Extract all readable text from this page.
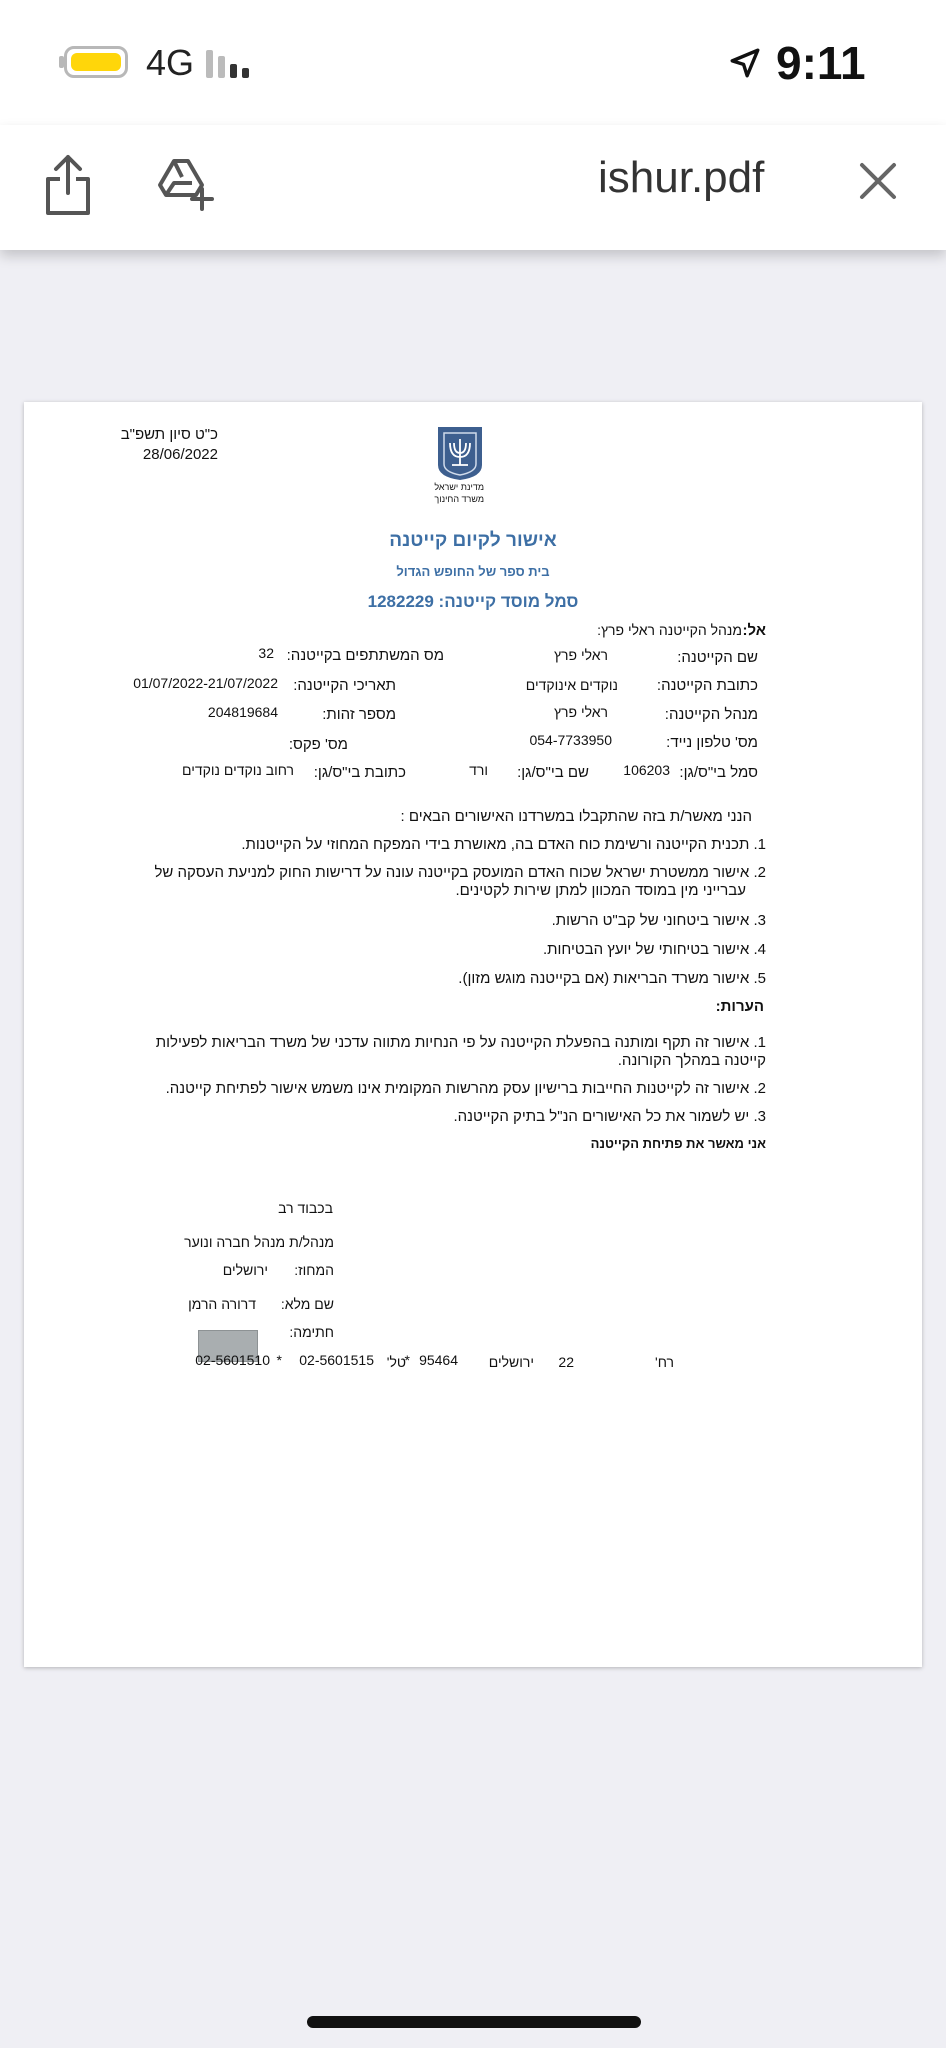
4G	9:11
ishur.pdf
כ"ט סיון תשפ"ב
28/06/2022
מדינת ישראל
משרד החינוך
אישור לקיום קייטנה
בית ספר של החופש הגדול
סמל מוסד קייטנה: 1282229
אל:
מנהל הקייטנה ראלי פרץ:
שם הקייטנה:
ראלי פרץ
מס המשתתפים בקייטנה:
32
כתובת הקייטנה:
נוקדים אינוקדים
תאריכי הקייטנה:
01/07/2022-21/07/2022
מנהל הקייטנה:
ראלי פרץ
מספר זהות:
204819684
מס' טלפון נייד:
054-7733950
מס' פקס:
סמל בי"ס/גן:
106203
שם בי"ס/גן:
ורד
כתובת בי"ס/גן:
רחוב נוקדים נוקדים
הנני מאשר/ת בזה שהתקבלו במשרדנו האישורים הבאים :
1. תכנית הקייטנה ורשימת כוח האדם בה, מאושרת בידי המפקח המחוזי על הקייטנות.
2. אישור ממשטרת ישראל שכוח האדם המועסק בקייטנה עונה על דרישות החוק למניעת העסקה של
עברייני מין במוסד המכוון למתן שירות לקטינים.
3. אישור ביטחוני של קב"ט הרשות.
4. אישור בטיחותי של יועץ הבטיחות.
5. אישור משרד הבריאות (אם בקייטנה מוגש מזון).
הערות:
1. אישור זה תקף ומותנה בהפעלת הקייטנה על פי הנחיות מתווה עדכני של משרד הבריאות לפעילות
קייטנה במהלך הקורונה.
2. אישור זה לקייטנות החייבות ברישיון עסק מהרשות המקומית אינו משמש אישור לפתיחת קייטנה.
3. יש לשמור את כל האישורים הנ"ל בתיק הקייטנה.
אני מאשר את פתיחת הקייטנה
בכבוד רב
מנהל/ת מנהל חברה ונוער
המחוז:
ירושלים
שם מלא:
דרורה הרמן
חתימה:
רח'
22
ירושלים
95464
טל'
*
02-5601515
*
02-5601510
